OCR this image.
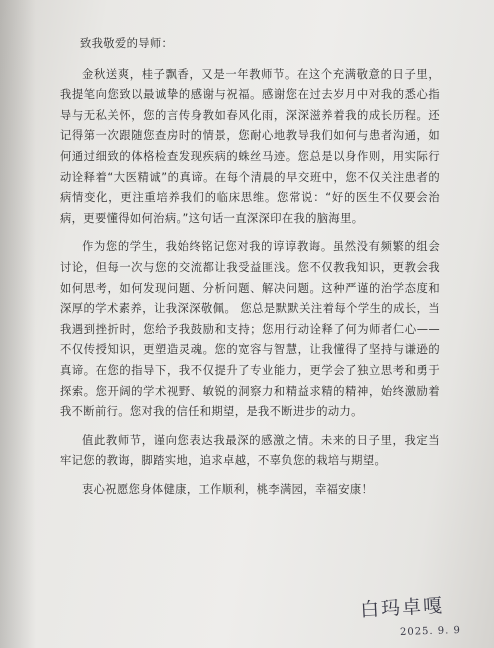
致我敬爱的导师：

金秋送爽，桂子飘香，又是一年教师节。在这个充满敬意的日子里，我提笔向您致以最诚挚的感谢与祝福。感谢您在过去岁月中对我的悉心指导与无私关怀，您的言传身教如春风化雨，深深滋养着我的成长历程。还记得第一次跟随您查房时的情景，您耐心地教导我们如何与患者沟通，如何通过细致的体格检查发现疾病的蛛丝马迹。您总是以身作则，用实际行动诠释着“大医精诚”的真谛。在每个清晨的早交班中，您不仅关注患者的病情变化，更注重培养我们的临床思维。您常说：“好的医生不仅要会治病，更要懂得如何治病。”这句话一直深深印在我的脑海里。

作为您的学生，我始终铭记您对我的谆谆教诲。虽然没有频繁的组会讨论，但每一次与您的交流都让我受益匪浅。您不仅教我知识，更教会我如何思考，如何发现问题、分析问题、解决问题。这种严谨的治学态度和深厚的学术素养，让我深深敬佩。 您总是默默关注着每个学生的成长，当我遇到挫折时，您给予我鼓励和支持；您用行动诠释了何为师者仁心——不仅传授知识，更塑造灵魂。您的宽容与智慧，让我懂得了坚持与谦逊的真谛。在您的指导下，我不仅提升了专业能力，更学会了独立思考和勇于探索。您开阔的学术视野、敏锐的洞察力和精益求精的精神，始终激励着我不断前行。您对我的信任和期望，是我不断进步的动力。

值此教师节，谨向您表达我最深的感激之情。未来的日子里，我定当牢记您的教诲，脚踏实地，追求卓越，不辜负您的栽培与期望。

衷心祝愿您身体健康，工作顺利，桃李满园，幸福安康！

白玛卓嘎
2025. 9. 9
